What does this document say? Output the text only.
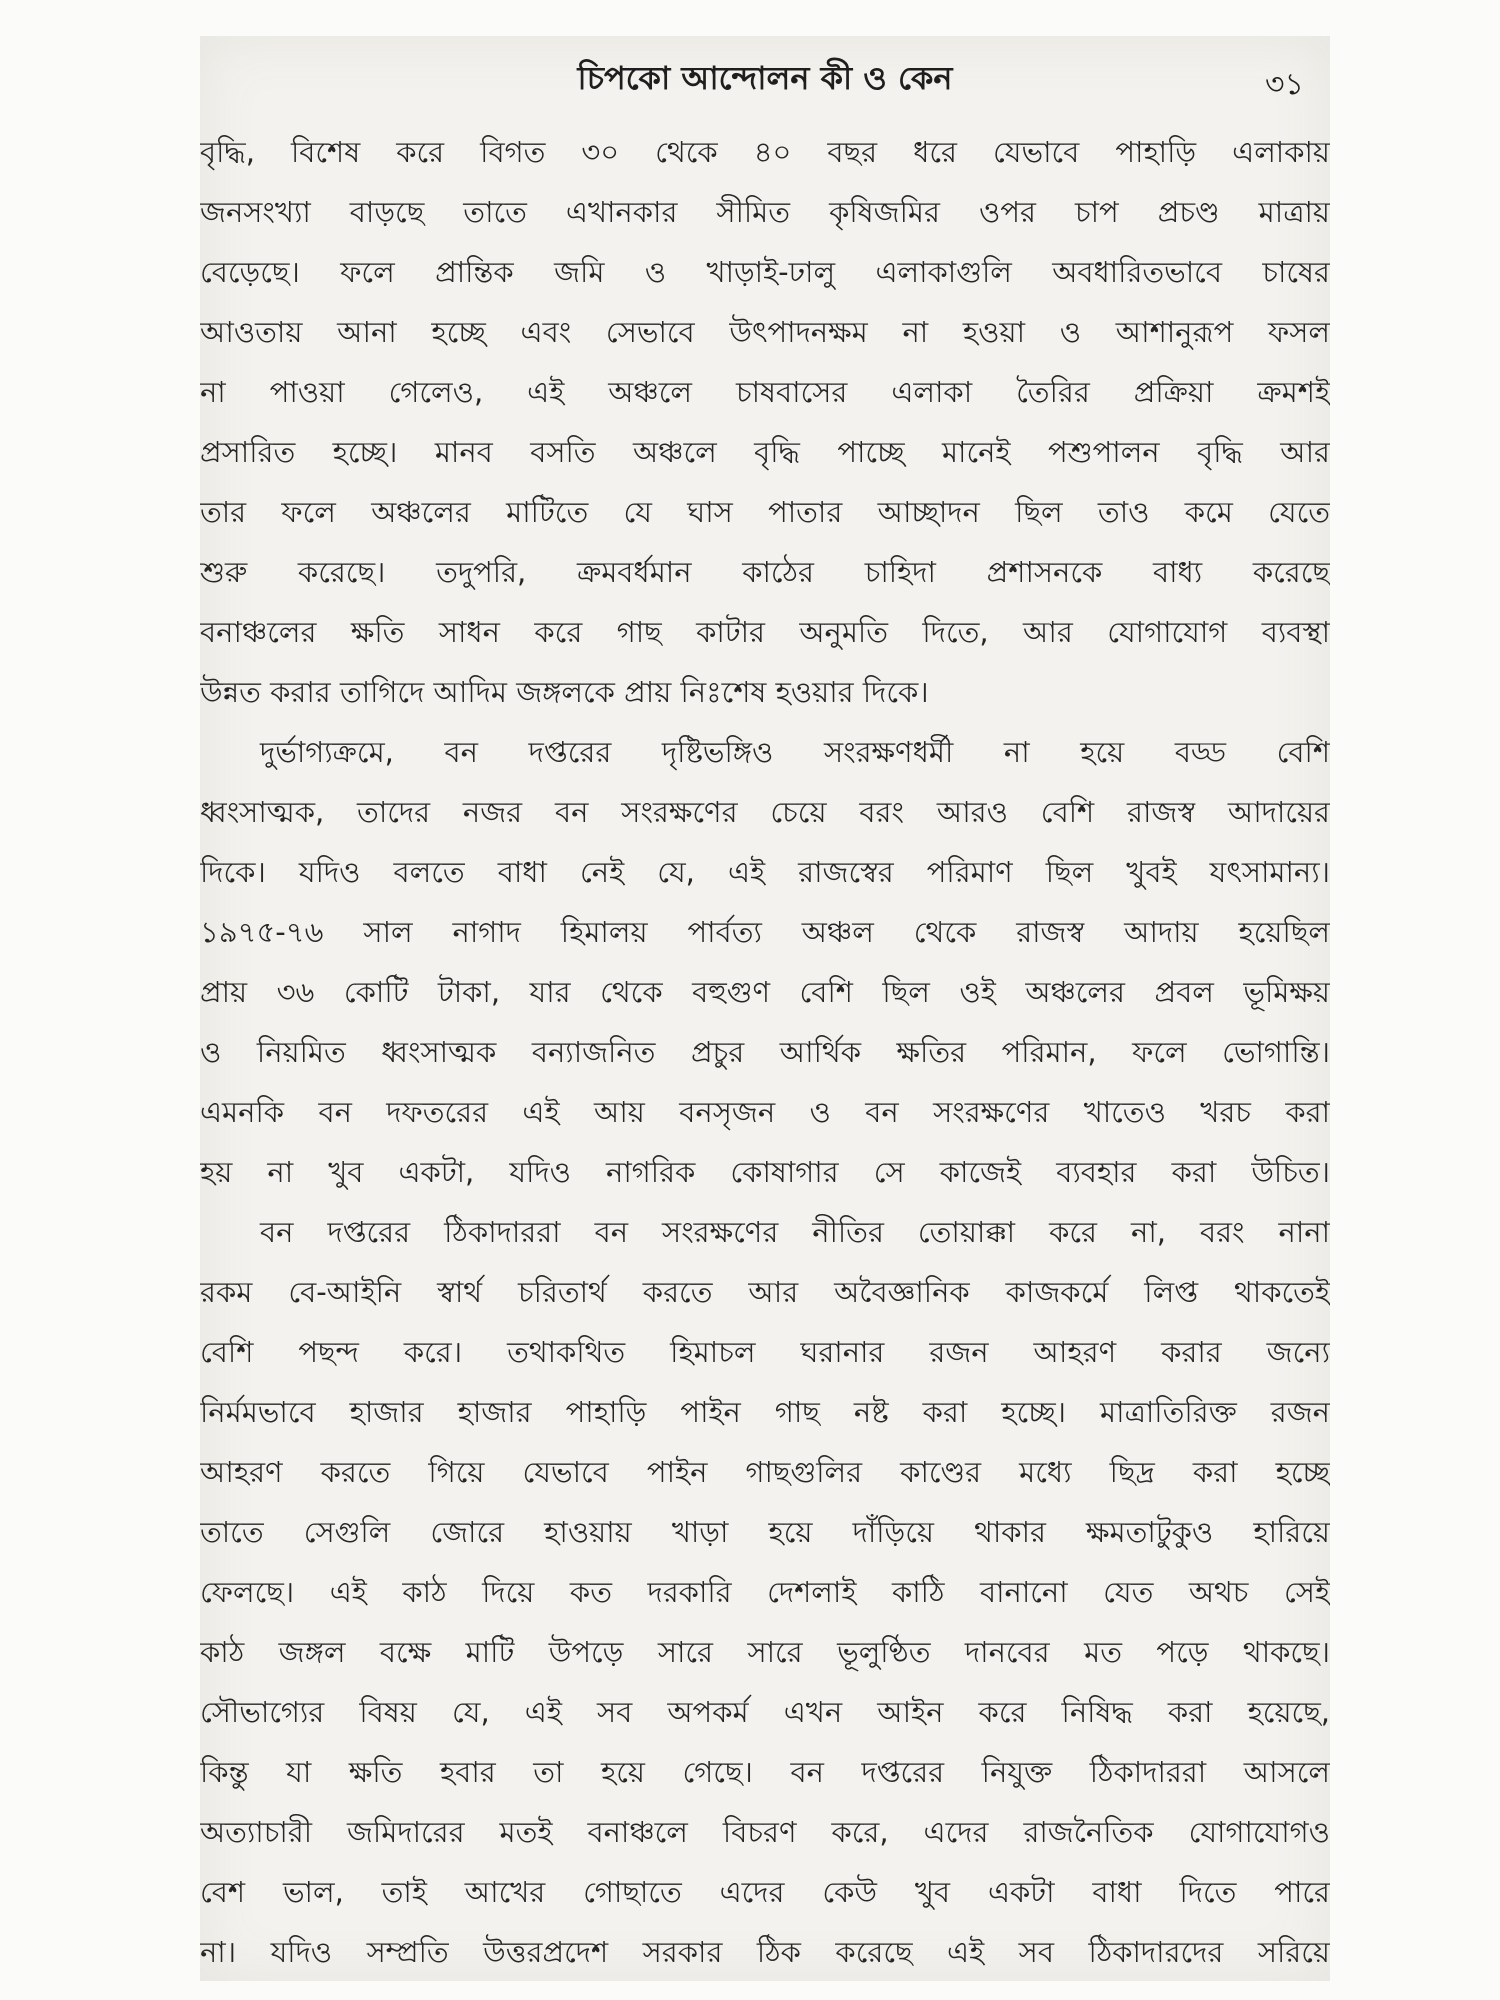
চিপকো আন্দোলন কী ও কেন	৩১
বৃদ্ধি, বিশেষ করে বিগত ৩০ থেকে ৪০ বছর ধরে যেভাবে পাহাড়ি এলাকায়
জনসংখ্যা বাড়ছে তাতে এখানকার সীমিত কৃষিজমির ওপর চাপ প্রচণ্ড মাত্রায়
বেড়েছে। ফলে প্রান্তিক জমি ও খাড়াই-ঢালু এলাকাগুলি অবধারিতভাবে চাষের
আওতায় আনা হচ্ছে এবং সেভাবে উৎপাদনক্ষম না হওয়া ও আশানুরূপ ফসল
না পাওয়া গেলেও, এই অঞ্চলে চাষবাসের এলাকা তৈরির প্রক্রিয়া ক্রমশই
প্রসারিত হচ্ছে। মানব বসতি অঞ্চলে বৃদ্ধি পাচ্ছে মানেই পশুপালন বৃদ্ধি আর
তার ফলে অঞ্চলের মাটিতে যে ঘাস পাতার আচ্ছাদন ছিল তাও কমে যেতে
শুরু করেছে। তদুপরি, ক্রমবর্ধমান কাঠের চাহিদা প্রশাসনকে বাধ্য করেছে
বনাঞ্চলের ক্ষতি সাধন করে গাছ কাটার অনুমতি দিতে, আর যোগাযোগ ব্যবস্থা
উন্নত করার তাগিদে আদিম জঙ্গলকে প্রায় নিঃশেষ হওয়ার দিকে।
দুর্ভাগ্যক্রমে, বন দপ্তরের দৃষ্টিভঙ্গিও সংরক্ষণধর্মী না হয়ে বড্ড বেশি
ধ্বংসাত্মক, তাদের নজর বন সংরক্ষণের চেয়ে বরং আরও বেশি রাজস্ব আদায়ের
দিকে। যদিও বলতে বাধা নেই যে, এই রাজস্বের পরিমাণ ছিল খুবই যৎসামান্য।
১৯৭৫-৭৬ সাল নাগাদ হিমালয় পার্বত্য অঞ্চল থেকে রাজস্ব আদায় হয়েছিল
প্রায় ৩৬ কোটি টাকা, যার থেকে বহুগুণ বেশি ছিল ওই অঞ্চলের প্রবল ভূমিক্ষয়
ও নিয়মিত ধ্বংসাত্মক বন্যাজনিত প্রচুর আর্থিক ক্ষতির পরিমান, ফলে ভোগান্তি।
এমনকি বন দফতরের এই আয় বনসৃজন ও বন সংরক্ষণের খাতেও খরচ করা
হয় না খুব একটা, যদিও নাগরিক কোষাগার সে কাজেই ব্যবহার করা উচিত।
বন দপ্তরের ঠিকাদাররা বন সংরক্ষণের নীতির তোয়াক্কা করে না, বরং নানা
রকম বে-আইনি স্বার্থ চরিতার্থ করতে আর অবৈজ্ঞানিক কাজকর্মে লিপ্ত থাকতেই
বেশি পছন্দ করে। তথাকথিত হিমাচল ঘরানার রজন আহরণ করার জন্যে
নির্মমভাবে হাজার হাজার পাহাড়ি পাইন গাছ নষ্ট করা হচ্ছে। মাত্রাতিরিক্ত রজন
আহরণ করতে গিয়ে যেভাবে পাইন গাছগুলির কাণ্ডের মধ্যে ছিদ্র করা হচ্ছে
তাতে সেগুলি জোরে হাওয়ায় খাড়া হয়ে দাঁড়িয়ে থাকার ক্ষমতাটুকুও হারিয়ে
ফেলছে। এই কাঠ দিয়ে কত দরকারি দেশলাই কাঠি বানানো যেত অথচ সেই
কাঠ জঙ্গল বক্ষে মাটি উপড়ে সারে সারে ভূলুণ্ঠিত দানবের মত পড়ে থাকছে।
সৌভাগ্যের বিষয় যে, এই সব অপকর্ম এখন আইন করে নিষিদ্ধ করা হয়েছে,
কিন্তু যা ক্ষতি হবার তা হয়ে গেছে। বন দপ্তরের নিযুক্ত ঠিকাদাররা আসলে
অত্যাচারী জমিদারের মতই বনাঞ্চলে বিচরণ করে, এদের রাজনৈতিক যোগাযোগও
বেশ ভাল, তাই আখের গোছাতে এদের কেউ খুব একটা বাধা দিতে পারে
না। যদিও সম্প্রতি উত্তরপ্রদেশ সরকার ঠিক করেছে এই সব ঠিকাদারদের সরিয়ে
